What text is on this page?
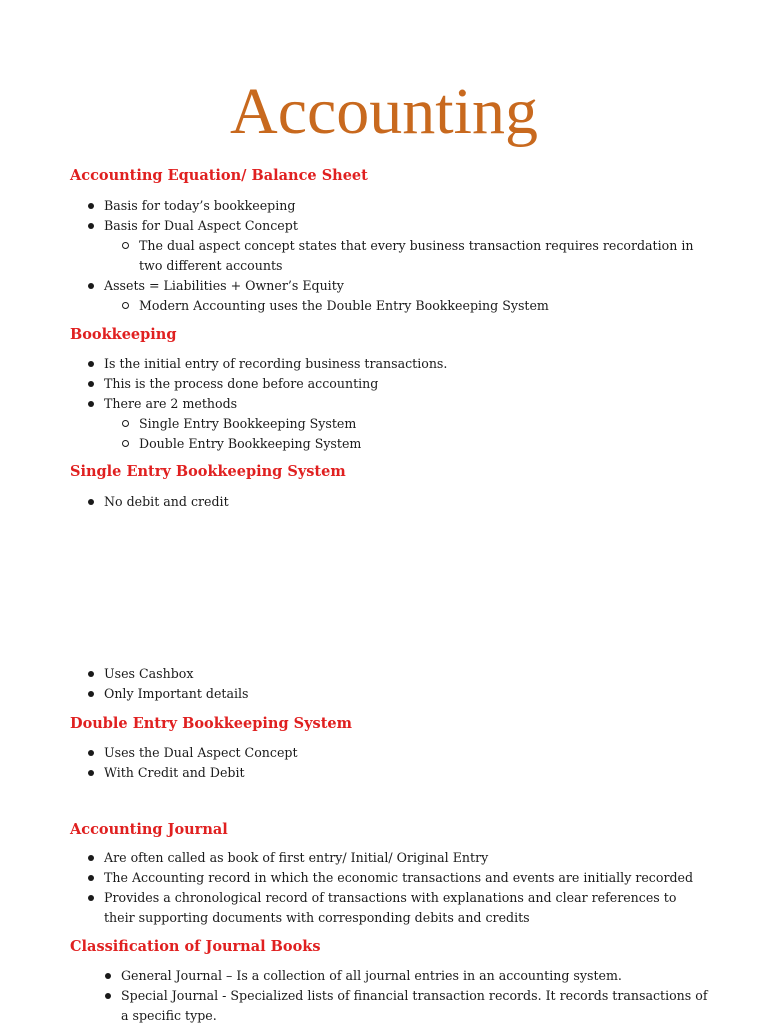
Accounting
Accounting Equation/ Balance Sheet
Basis for today’s bookkeeping
Basis for Dual Aspect Concept
The dual aspect concept states that every business transaction requires recordation in two different accounts
Assets = Liabilities + Owner’s Equity
Modern Accounting uses the Double Entry Bookkeeping System
Bookkeeping
Is the initial entry of recording business transactions.
This is the process done before accounting
There are 2 methods
Single Entry Bookkeeping System
Double Entry Bookkeeping System
Single Entry Bookkeeping System
No debit and credit
Uses Cashbox
Only Important details
Double Entry Bookkeeping System
Uses the Dual Aspect Concept
With Credit and Debit
Accounting Journal
Are often called as book of first entry/ Initial/ Original Entry
The Accounting record in which the economic transactions and events are initially recorded
Provides a chronological record of transactions with explanations and clear references to their supporting documents with corresponding debits and credits
Classification of Journal Books
General Journal – Is a collection of all journal entries in an accounting system.
Special Journal - Specialized lists of financial transaction records. It records transactions of a specific type.
